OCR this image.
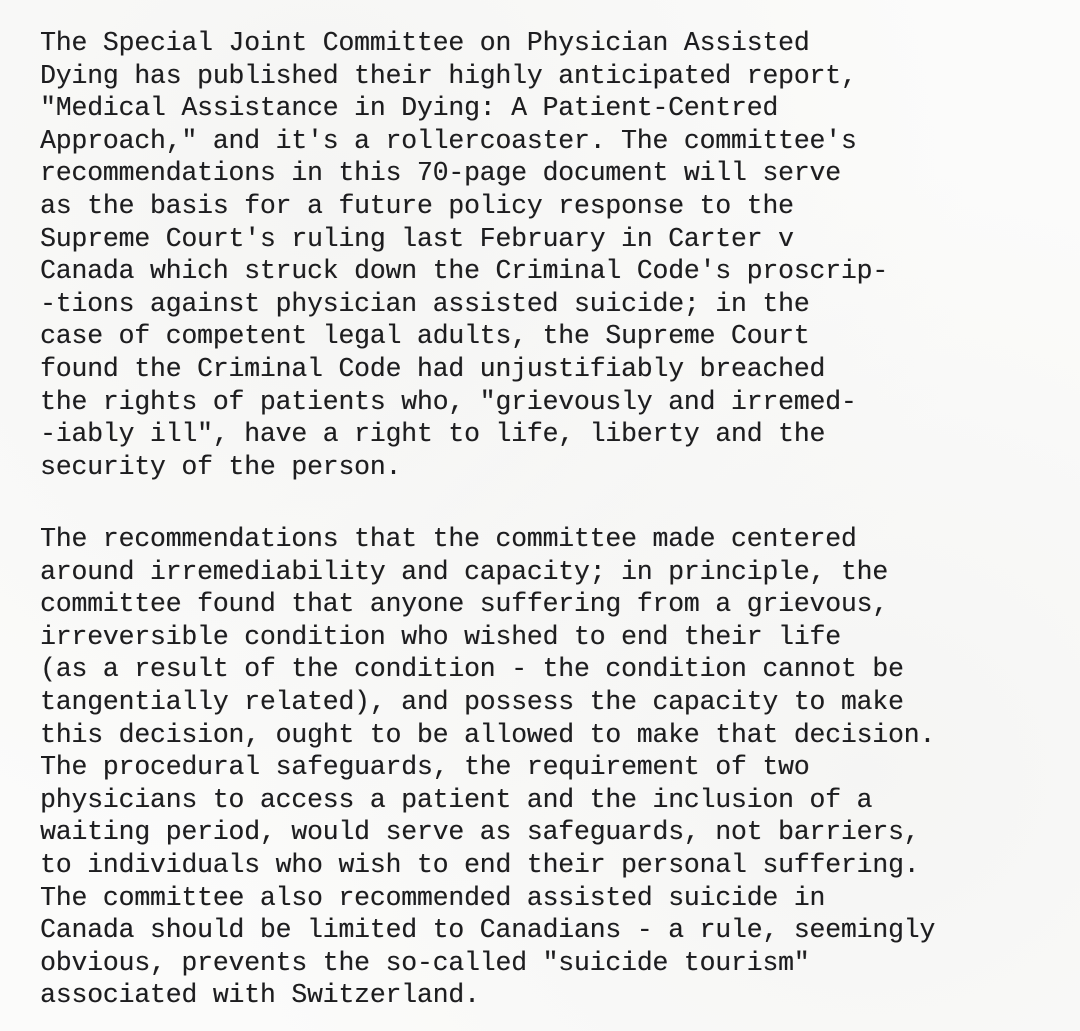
The Special Joint Committee on Physician Assisted
Dying has published their highly anticipated report,
"Medical Assistance in Dying: A Patient-Centred
Approach," and it's a rollercoaster. The committee's
recommendations in this 70-page document will serve
as the basis for a future policy response to the
Supreme Court's ruling last February in Carter v
Canada which struck down the Criminal Code's proscrip-
-tions against physician assisted suicide; in the
case of competent legal adults, the Supreme Court
found the Criminal Code had unjustifiably breached
the rights of patients who, "grievously and irremed-
-iably ill", have a right to life, liberty and the
security of the person.
The recommendations that the committee made centered
around irremediability and capacity; in principle, the
committee found that anyone suffering from a grievous,
irreversible condition who wished to end their life
(as a result of the condition - the condition cannot be
tangentially related), and possess the capacity to make
this decision, ought to be allowed to make that decision.
The procedural safeguards, the requirement of two
physicians to access a patient and the inclusion of a
waiting period, would serve as safeguards, not barriers,
to individuals who wish to end their personal suffering.
The committee also recommended assisted suicide in
Canada should be limited to Canadians - a rule, seemingly
obvious, prevents the so-called "suicide tourism"
associated with Switzerland.
